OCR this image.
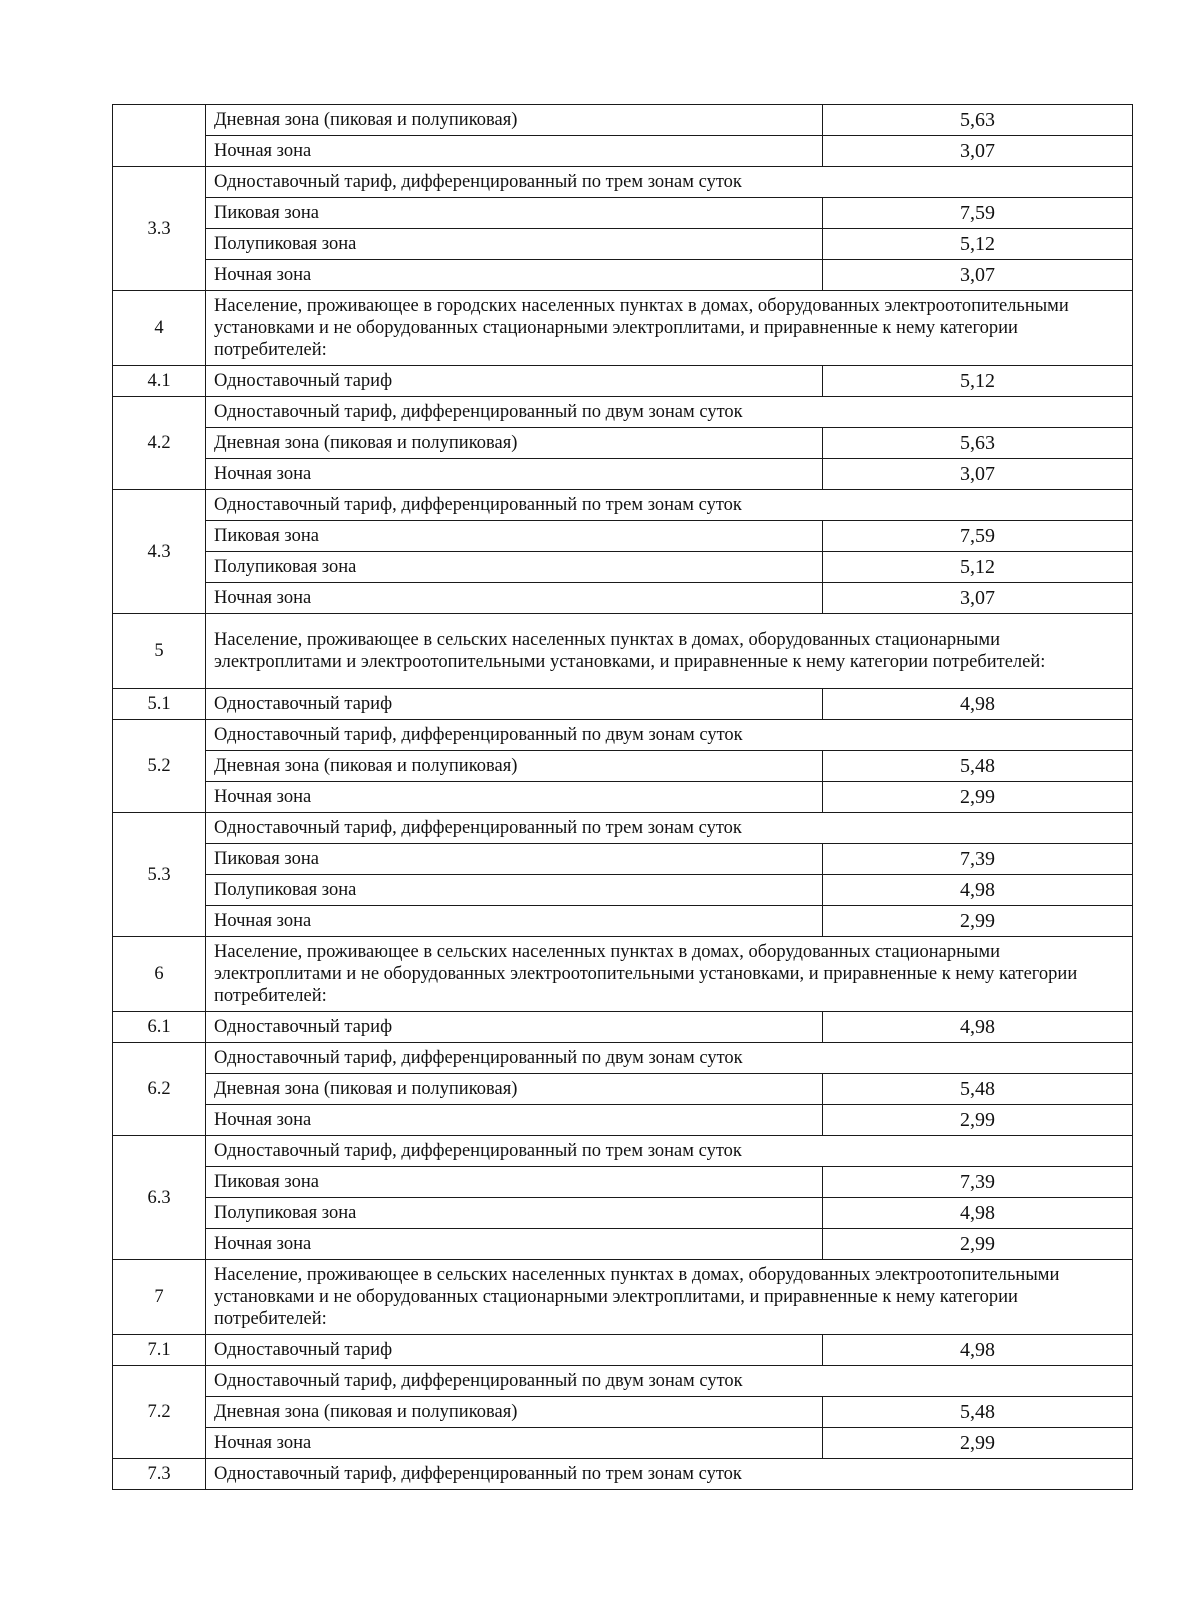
	Дневная зона (пиковая и полупиковая)	5,63
	Ночная зона	3,07
3.3	Одноставочный тариф, дифференцированный по трем зонам суток	
	Пиковая зона	7,59
	Полупиковая зона	5,12
	Ночная зона	3,07
4	Население, проживающее в городских населенных пунктах в домах, оборудованных электроотопительными установками и не оборудованных стационарными электроплитами, и приравненные к нему категории потребителей:	
4.1	Одноставочный тариф	5,12
4.2	Одноставочный тариф, дифференцированный по двум зонам суток	
	Дневная зона (пиковая и полупиковая)	5,63
	Ночная зона	3,07
4.3	Одноставочный тариф, дифференцированный по трем зонам суток	
	Пиковая зона	7,59
	Полупиковая зона	5,12
	Ночная зона	3,07
5	Население, проживающее в сельских населенных пунктах в домах, оборудованных стационарными электроплитами и электроотопительными установками, и приравненные к нему категории потребителей:	
5.1	Одноставочный тариф	4,98
5.2	Одноставочный тариф, дифференцированный по двум зонам суток	
	Дневная зона (пиковая и полупиковая)	5,48
	Ночная зона	2,99
5.3	Одноставочный тариф, дифференцированный по трем зонам суток	
	Пиковая зона	7,39
	Полупиковая зона	4,98
	Ночная зона	2,99
6	Население, проживающее в сельских населенных пунктах в домах, оборудованных стационарными электроплитами и не оборудованных электроотопительными установками, и приравненные к нему категории потребителей:	
6.1	Одноставочный тариф	4,98
6.2	Одноставочный тариф, дифференцированный по двум зонам суток	
	Дневная зона (пиковая и полупиковая)	5,48
	Ночная зона	2,99
6.3	Одноставочный тариф, дифференцированный по трем зонам суток	
	Пиковая зона	7,39
	Полупиковая зона	4,98
	Ночная зона	2,99
7	Население, проживающее в сельских населенных пунктах в домах, оборудованных электроотопительными установками и не оборудованных стационарными электроплитами, и приравненные к нему категории потребителей:	
7.1	Одноставочный тариф	4,98
7.2	Одноставочный тариф, дифференцированный по двум зонам суток	
	Дневная зона (пиковая и полупиковая)	5,48
	Ночная зона	2,99
7.3	Одноставочный тариф, дифференцированный по трем зонам суток	
